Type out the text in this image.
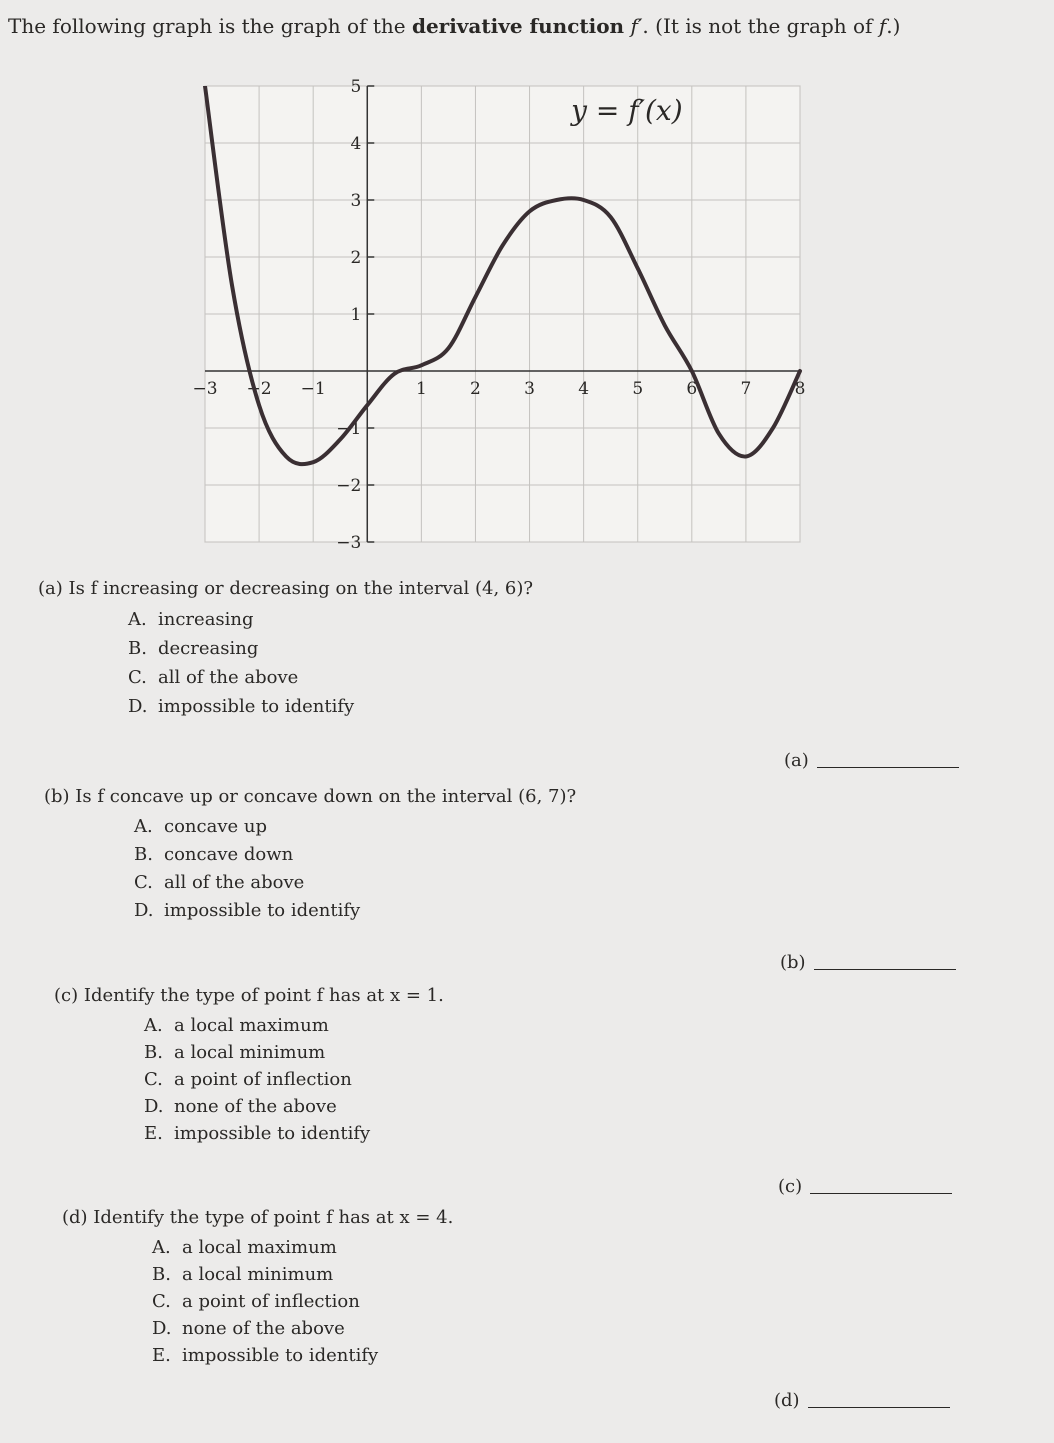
The following graph is the graph of the derivative function f′. (It is not the graph of f.)
−3 −2 −1	1	2	3	4	5	6	7	8
−3
−2
−1
1
2
3
4
5
y = f′(x)
(a) Is f increasing or decreasing on the interval (4, 6)?
A. increasing
B. decreasing
C. all of the above
D. impossible to identify
(a)
(b) Is f concave up or concave down on the interval (6, 7)?
A. concave up
B. concave down
C. all of the above
D. impossible to identify
(b)
(c) Identify the type of point f has at x = 1.
A. a local maximum
B. a local minimum
C. a point of inflection
D. none of the above
E. impossible to identify
(c)
(d) Identify the type of point f has at x = 4.
A. a local maximum
B. a local minimum
C. a point of inflection
D. none of the above
E. impossible to identify
(d)
